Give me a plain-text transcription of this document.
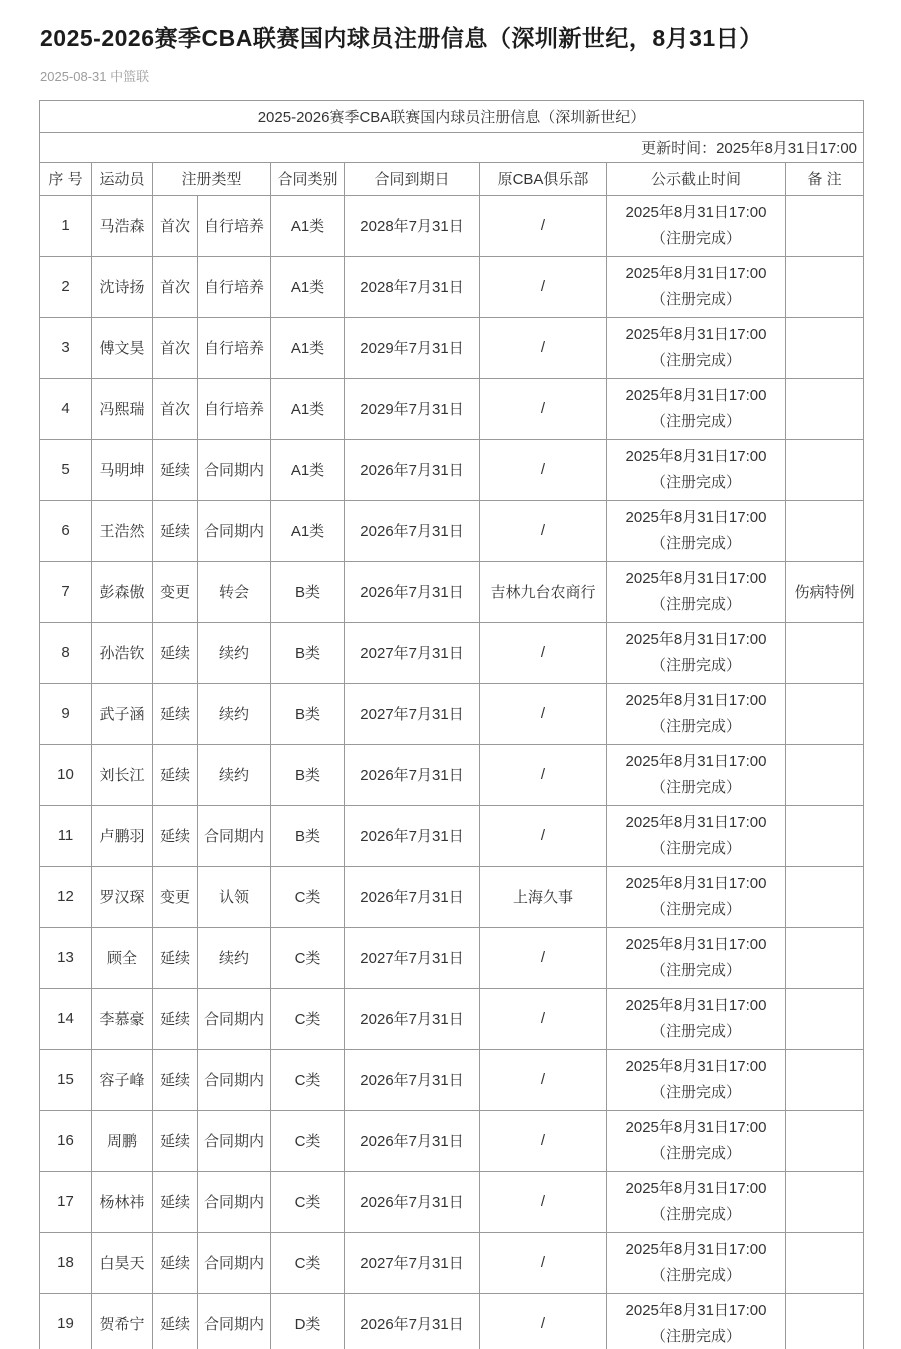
2025-2026赛季CBA联赛国内球员注册信息（深圳新世纪，8月31日）
2025-08-31 中篮联
2025-2026赛季CBA联赛国内球员注册信息（深圳新世纪）								
更新时间：2025年8月31日17:00								
序 号	运动员	注册类型		合同类别	合同到期日	原CBA俱乐部	公示截止时间	备 注
1	马浩森	首次	自行培养	A1类	2028年7月31日	/	2025年8月31日17:00
（注册完成）	

2	沈诗扬	首次	自行培养	A1类	2028年7月31日	/	2025年8月31日17:00
（注册完成）	

3	傅文昊	首次	自行培养	A1类	2029年7月31日	/	2025年8月31日17:00
（注册完成）	

4	冯熙瑞	首次	自行培养	A1类	2029年7月31日	/	2025年8月31日17:00
（注册完成）	

5	马明坤	延续	合同期内	A1类	2026年7月31日	/	2025年8月31日17:00
（注册完成）	

6	王浩然	延续	合同期内	A1类	2026年7月31日	/	2025年8月31日17:00
（注册完成）	

7	彭森傲	变更	转会	B类	2026年7月31日	吉林九台农商行	2025年8月31日17:00
（注册完成）	伤病特例
8	孙浩钦	延续	续约	B类	2027年7月31日	/	2025年8月31日17:00
（注册完成）	

9	武子涵	延续	续约	B类	2027年7月31日	/	2025年8月31日17:00
（注册完成）	

10	刘长江	延续	续约	B类	2026年7月31日	/	2025年8月31日17:00
（注册完成）	

11	卢鹏羽	延续	合同期内	B类	2026年7月31日	/	2025年8月31日17:00
（注册完成）	

12	罗汉琛	变更	认领	C类	2026年7月31日	上海久事	2025年8月31日17:00
（注册完成）	

13	顾全	延续	续约	C类	2027年7月31日	/	2025年8月31日17:00
（注册完成）	

14	李慕豪	延续	合同期内	C类	2026年7月31日	/	2025年8月31日17:00
（注册完成）	

15	容子峰	延续	合同期内	C类	2026年7月31日	/	2025年8月31日17:00
（注册完成）	

16	周鹏	延续	合同期内	C类	2026年7月31日	/	2025年8月31日17:00
（注册完成）	

17	杨林祎	延续	合同期内	C类	2026年7月31日	/	2025年8月31日17:00
（注册完成）	

18	白昊天	延续	合同期内	C类	2027年7月31日	/	2025年8月31日17:00
（注册完成）	

19	贺希宁	延续	合同期内	D类	2026年7月31日	/	2025年8月31日17:00
（注册完成）	
